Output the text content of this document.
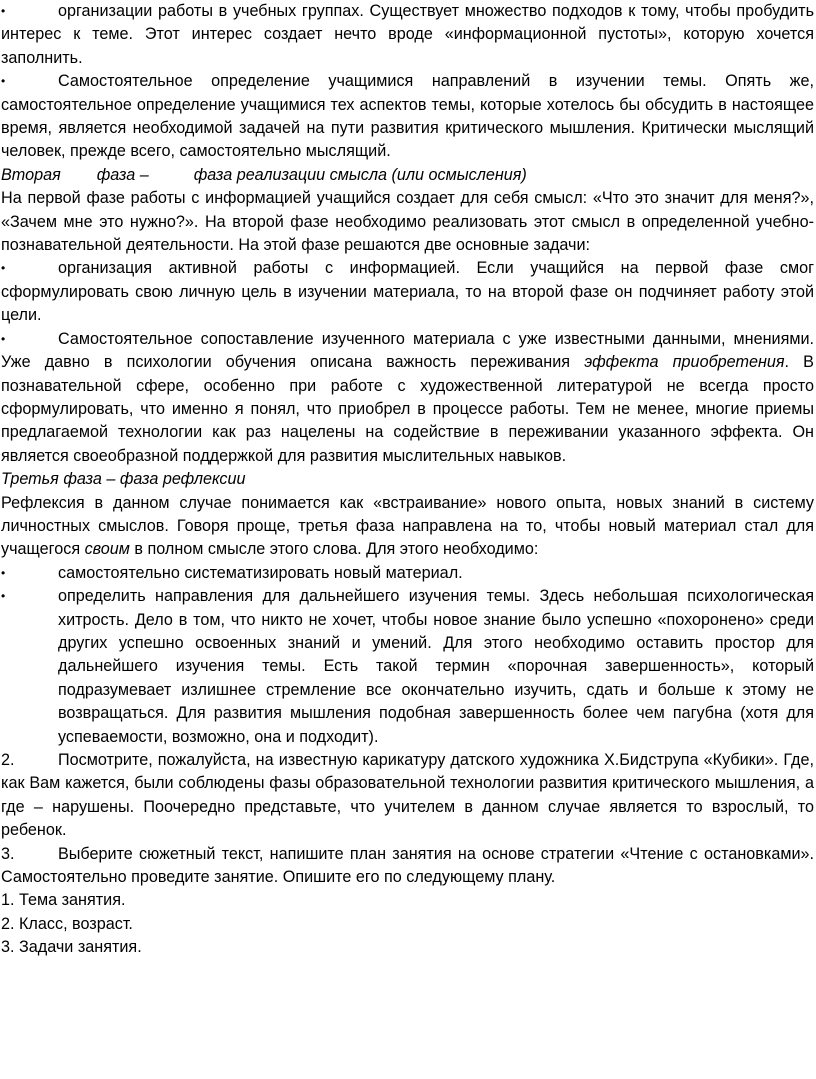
•	организации работы в учебных группах. Существует множество подходов к тому, чтобы пробудить интерес к теме. Этот интерес создает нечто вроде «информационной пустоты», которую хочется заполнить.

•	Самостоятельное определение учащимися направлений в изучении темы. Опять же, самостоятельное определение учащимися тех аспектов темы, которые хотелось бы обсудить в настоящее время, является необходимой задачей на пути развития критического мышления. Критически мыслящий человек, прежде всего, самостоятельно мыслящий.

Вторая фаза –	фаза реализации смысла (или осмысления)

На первой фазе работы с информацией учащийся создает для себя смысл: «Что это значит для меня?», «Зачем мне это нужно?». На второй фазе необходимо реализовать этот смысл в определенной учебно-познавательной деятельности. На этой фазе решаются две основные задачи:

•	организация активной работы с информацией. Если учащийся на первой фазе смог сформулировать свою личную цель в изучении материала, то на второй фазе он подчиняет работу этой цели.

•	Самостоятельное сопоставление изученного материала с уже известными данными, мнениями. Уже давно в психологии обучения описана важность переживания эффекта приобретения. В познавательной сфере, особенно при работе с художественной литературой не всегда просто сформулировать, что именно я понял, что приобрел в процессе работы. Тем не менее, многие приемы предлагаемой технологии как раз нацелены на содействие в переживании указанного эффекта. Он является своеобразной поддержкой для развития мыслительных навыков.

Третья фаза – фаза рефлексии

Рефлексия в данном случае понимается как «встраивание» нового опыта, новых знаний в систему личностных смыслов. Говоря проще, третья фаза направлена на то, чтобы новый материал стал для учащегося своим в полном смысле этого слова. Для этого необходимо:

•	самостоятельно систематизировать новый материал.

•	определить направления для дальнейшего изучения темы. Здесь небольшая психологическая хитрость. Дело в том, что никто не хочет, чтобы новое знание было успешно «похоронено» среди других успешно освоенных знаний и умений. Для этого необходимо оставить простор для дальнейшего изучения темы. Есть такой термин «порочная завершенность», который подразумевает излишнее стремление все окончательно изучить, сдать и больше к этому не возвращаться. Для развития мышления подобная завершенность более чем пагубна (хотя для успеваемости, возможно, она и подходит).

2.	Посмотрите, пожалуйста, на известную карикатуру датского художника Х.Бидструпа «Кубики». Где, как Вам кажется, были соблюдены фазы образовательной технологии развития критического мышления, а где – нарушены. Поочередно представьте, что учителем в данном случае является то взрослый, то ребенок.

3.	Выберите сюжетный текст, напишите план занятия на основе стратегии «Чтение с остановками». Самостоятельно проведите занятие. Опишите его по следующему плану.

1. Тема занятия.

2. Класс, возраст.

3. Задачи занятия.
